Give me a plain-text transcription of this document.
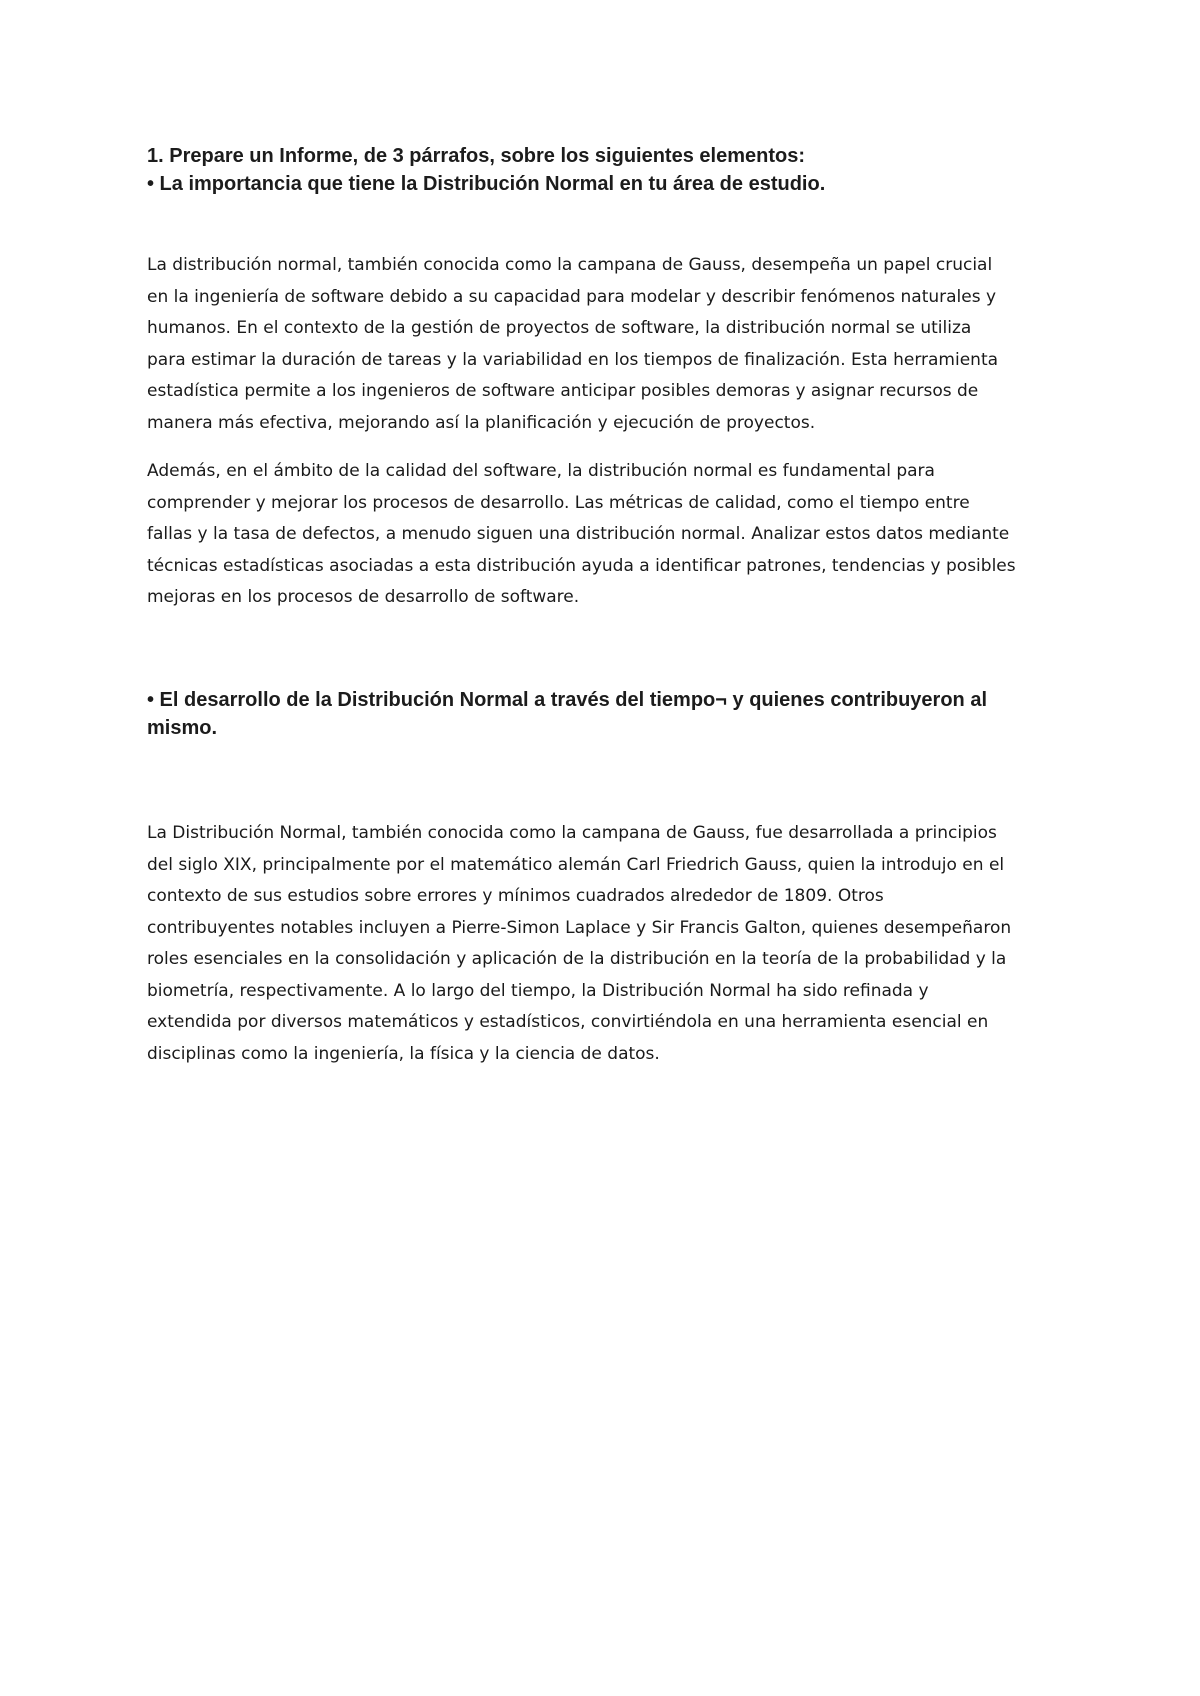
1. Prepare un Informe, de 3 párrafos, sobre los siguientes elementos:
• La importancia que tiene la Distribución Normal en tu área de estudio.

La distribución normal, también conocida como la campana de Gauss, desempeña un papel crucial
en la ingeniería de software debido a su capacidad para modelar y describir fenómenos naturales y
humanos. En el contexto de la gestión de proyectos de software, la distribución normal se utiliza
para estimar la duración de tareas y la variabilidad en los tiempos de finalización. Esta herramienta
estadística permite a los ingenieros de software anticipar posibles demoras y asignar recursos de
manera más efectiva, mejorando así la planificación y ejecución de proyectos.

Además, en el ámbito de la calidad del software, la distribución normal es fundamental para
comprender y mejorar los procesos de desarrollo. Las métricas de calidad, como el tiempo entre
fallas y la tasa de defectos, a menudo siguen una distribución normal. Analizar estos datos mediante
técnicas estadísticas asociadas a esta distribución ayuda a identificar patrones, tendencias y posibles
mejoras en los procesos de desarrollo de software.

• El desarrollo de la Distribución Normal a través del tiempo¬ y quienes contribuyeron al
mismo.

La Distribución Normal, también conocida como la campana de Gauss, fue desarrollada a principios
del siglo XIX, principalmente por el matemático alemán Carl Friedrich Gauss, quien la introdujo en el
contexto de sus estudios sobre errores y mínimos cuadrados alrededor de 1809. Otros
contribuyentes notables incluyen a Pierre-Simon Laplace y Sir Francis Galton, quienes desempeñaron
roles esenciales en la consolidación y aplicación de la distribución en la teoría de la probabilidad y la
biometría, respectivamente. A lo largo del tiempo, la Distribución Normal ha sido refinada y
extendida por diversos matemáticos y estadísticos, convirtiéndola en una herramienta esencial en
disciplinas como la ingeniería, la física y la ciencia de datos.
